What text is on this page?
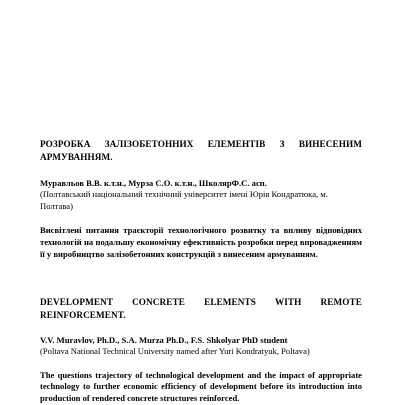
РОЗРОБКА ЗАЛІЗОБЕТОННИХ ЕЛЕМЕНТІВ З ВИНЕСЕНИМ АРМУВАННЯМ.

Муравльов В.В. к.т.н., Мурза С.О. к.т.н., ШколярФ.С. асп.

(Полтавський національний технічний університет імені Юрія Кондратюка, м. Полтава)

Висвітлені питання траєкторії технологічного розвитку та впливу відповідних технологій на подальшу економічну ефективність розробки перед впровадженням її у виробництво залізобетонних конструкцій з винесеним армуванням.

DEVELOPMENT CONCRETE ELEMENTS WITH REMOTE REINFORCEMENT.

V.V. Muravlov, Ph.D., S.A. Murza Ph.D., F.S. Shkolyar PhD student

(Poltava National Technical University named after Yuri Kondratyuk, Poltava)

The questions trajectory of technological development and the impact of appropriate technology to further economic efficiency of development before its introduction into production of rendered concrete structures reinforced.
